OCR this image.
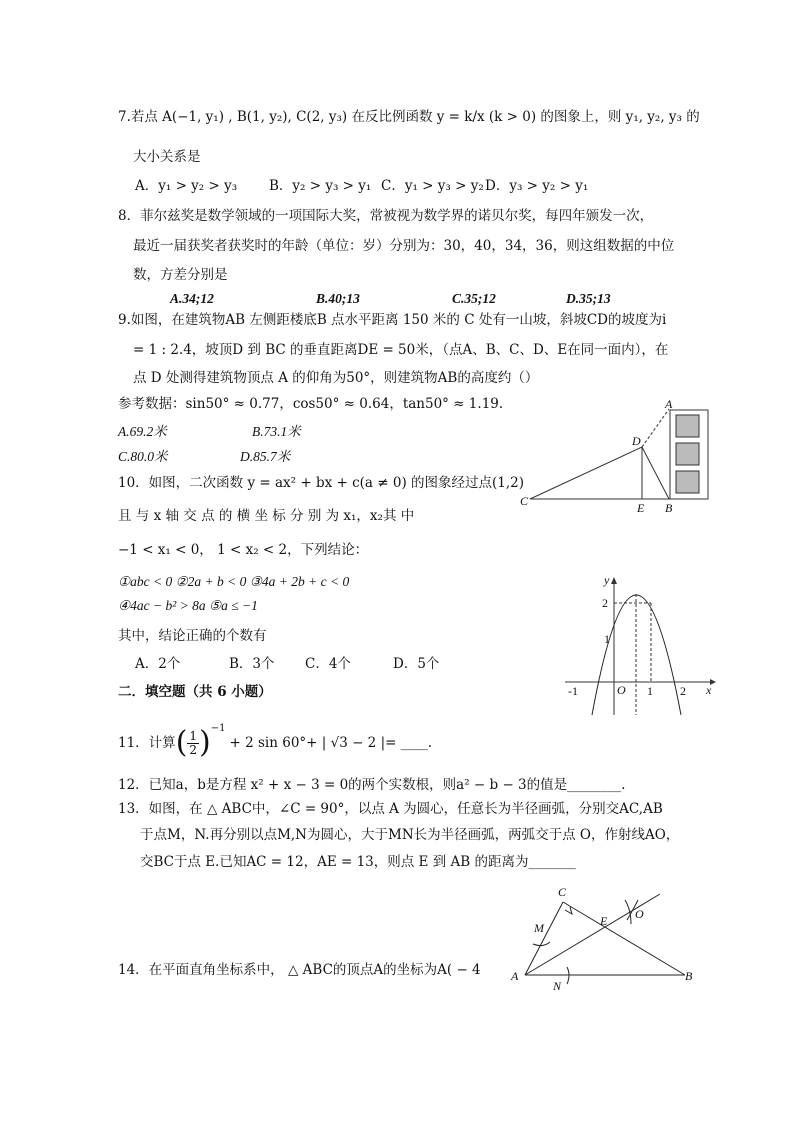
7.若点 A(−1, y₁) , B(1, y₂), C(2, y₃) 在反比例函数 y = k/x (k > 0) 的图象上，则 y₁, y₂, y₃ 的
大小关系是
A．y₁ > y₂ > y₃ B．y₂ > y₃ > y₁ C．y₁ > y₃ > y₂D．y₃ > y₂ > y₁
8．菲尔兹奖是数学领域的一项国际大奖，常被视为数学界的诺贝尔奖，每四年颁发一次，
最近一届获奖者获奖时的年龄（单位：岁）分别为：30，40，34，36，则这组数据的中位
数，方差分别是
A.34;12	B.40;13	C.35;12	D.35;13
9.如图，在建筑物AB 左侧距楼底B 点水平距离 150 米的 C 处有一山坡，斜坡CD的坡度为i
= 1 : 2.4，坡顶D 到 BC 的垂直距离DE = 50米，（点A、B、C、D、E在同一面内），在
点 D 处测得建筑物顶点 A 的仰角为50°，则建筑物AB的高度约（）
参考数据：sin50° ≈ 0.77，cos50° ≈ 0.64，tan50° ≈ 1.19.
A.69.2米	B.73.1米
C.80.0米	D.85.7米
A
D
C	E B
10．如图，二次函数 y = ax² + bx + c(a ≠ 0) 的图象经过点(1,2)
且 与 x 轴 交 点 的 横 坐 标 分 别 为 x₁，x₂其 中
−1 < x₁ < 0， 1 < x₂ < 2，下列结论：
①abc < 0 ②2a + b < 0 ③4a + 2b + c < 0
④4ac − b² > 8a ⑤a ≤ −1
其中，结论正确的个数有
A．2个	B．3个 C．4个	D．5个
y
2
1
-1	O 1 2 x
二．填空题（共 6 小题）
11．计算 ( $\frac{1}{2}$ ) −1
+ 2 sin 60°+ | √3 − 2 |= ____.
12．已知a，b是方程 x² + x − 3 = 0的两个实数根，则a² − b − 3的值是________.
13．如图，在 △ ABC中，∠C = 90°，以点 A 为圆心，任意长为半径画弧，分别交AC,AB
于点M，N.再分别以点M,N为圆心，大于MN长为半径画弧，两弧交于点 O，作射线AO，
交BC于点 E.已知AC = 12，AE = 13，则点 E 到 AB 的距离为_______
C
M	E O
A
N
B
14．在平面直角坐标系中， △ ABC的顶点A的坐标为A( − 4
